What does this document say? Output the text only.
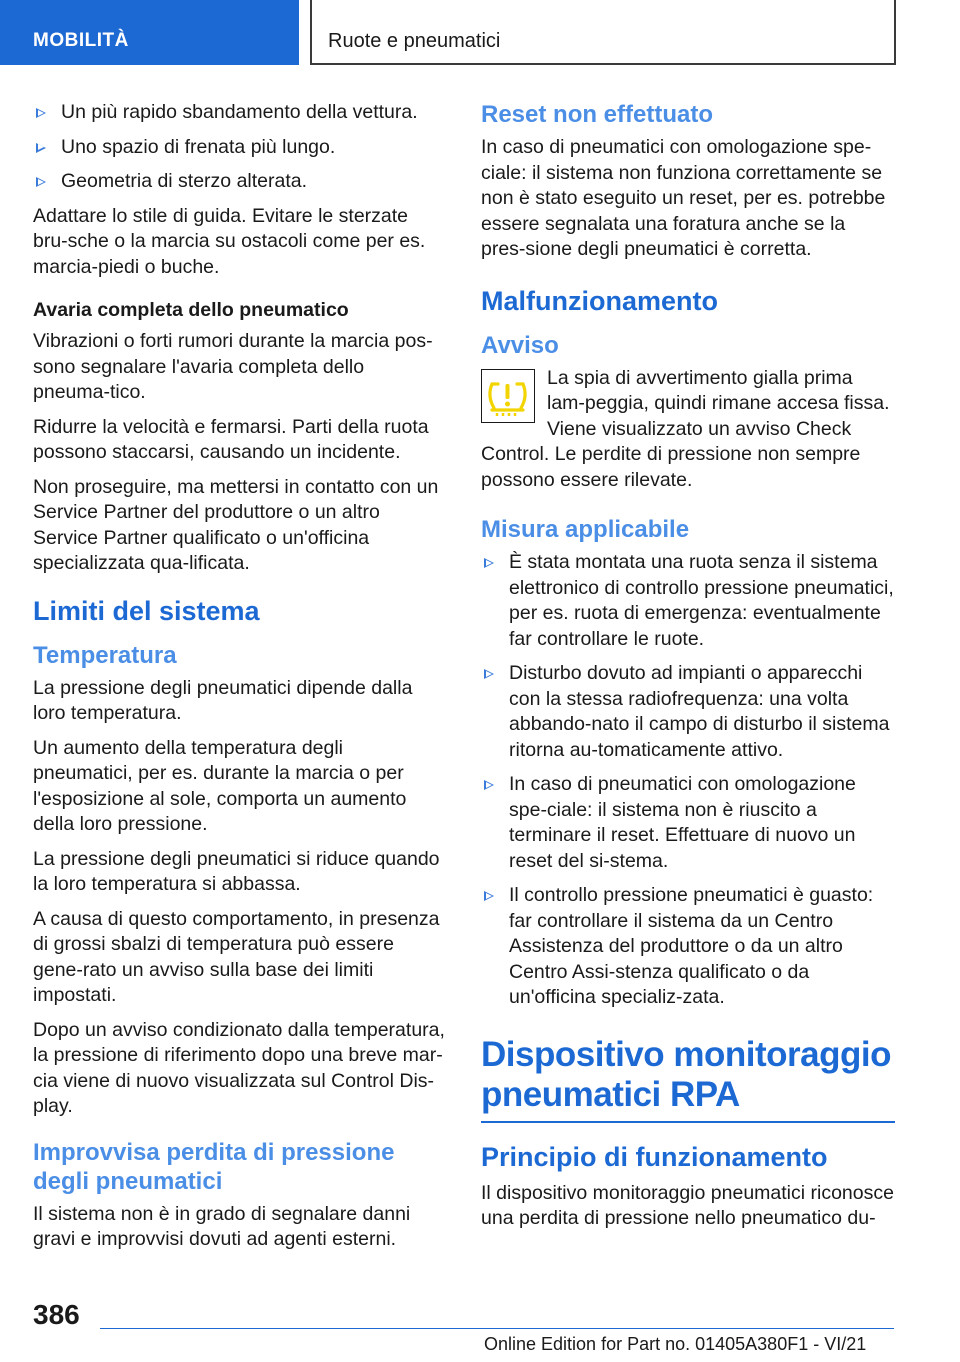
MOBILITÀ	Ruote e pneumatici
Un più rapido sbandamento della vettura.
Uno spazio di frenata più lungo.
Geometria di sterzo alterata.

Adattare lo stile di guida. Evitare le sterzate bru-sche o la marcia su ostacoli come per es. marcia-piedi o buche.

Avaria completa dello pneumatico

Vibrazioni o forti rumori durante la marcia pos-sono segnalare l'avaria completa dello pneuma-tico.

Ridurre la velocità e fermarsi. Parti della ruota possono staccarsi, causando un incidente.

Non proseguire, ma mettersi in contatto con un Service Partner del produttore o un altro Service Partner qualificato o un'officina specializzata qua-lificata.

Limiti del sistema
Temperatura

La pressione degli pneumatici dipende dalla loro temperatura.

Un aumento della temperatura degli pneumatici, per es. durante la marcia o per l'esposizione al sole, comporta un aumento della loro pressione.

La pressione degli pneumatici si riduce quando la loro temperatura si abbassa.

A causa di questo comportamento, in presenza di grossi sbalzi di temperatura può essere gene-rato un avviso sulla base dei limiti impostati.

Dopo un avviso condizionato dalla temperatura, la pressione di riferimento dopo una breve mar-cia viene di nuovo visualizzata sul Control Dis-play.

Improvvisa perdita di pressione degli pneumatici

Il sistema non è in grado di segnalare danni gravi e improvvisi dovuti ad agenti esterni.

Reset non effettuato

In caso di pneumatici con omologazione spe-ciale: il sistema non funziona correttamente se non è stato eseguito un reset, per es. potrebbe essere segnalata una foratura anche se la pres-sione degli pneumatici è corretta.

Malfunzionamento
Avviso

La spia di avvertimento gialla prima lam-peggia, quindi rimane accesa fissa. Viene visualizzato un avviso Check Control. Le perdite di pressione non sempre possono essere rilevate.

Misura applicabile
È stata montata una ruota senza il sistema elettronico di controllo pressione pneumatici, per es. ruota di emergenza: eventualmente far controllare le ruote.
Disturbo dovuto ad impianti o apparecchi con la stessa radiofrequenza: una volta abbando-nato il campo di disturbo il sistema ritorna au-tomaticamente attivo.
In caso di pneumatici con omologazione spe-ciale: il sistema non è riuscito a terminare il reset. Effettuare di nuovo un reset del si-stema.
Il controllo pressione pneumatici è guasto: far controllare il sistema da un Centro Assistenza del produttore o da un altro Centro Assi-stenza qualificato o da un'officina specializ-zata.
Dispositivo monitoraggio pneumatici RPA
Principio di funzionamento

Il dispositivo monitoraggio pneumatici riconosce una perdita di pressione nello pneumatico du-

386
Online Edition for Part no. 01405A380F1 - VI/21
